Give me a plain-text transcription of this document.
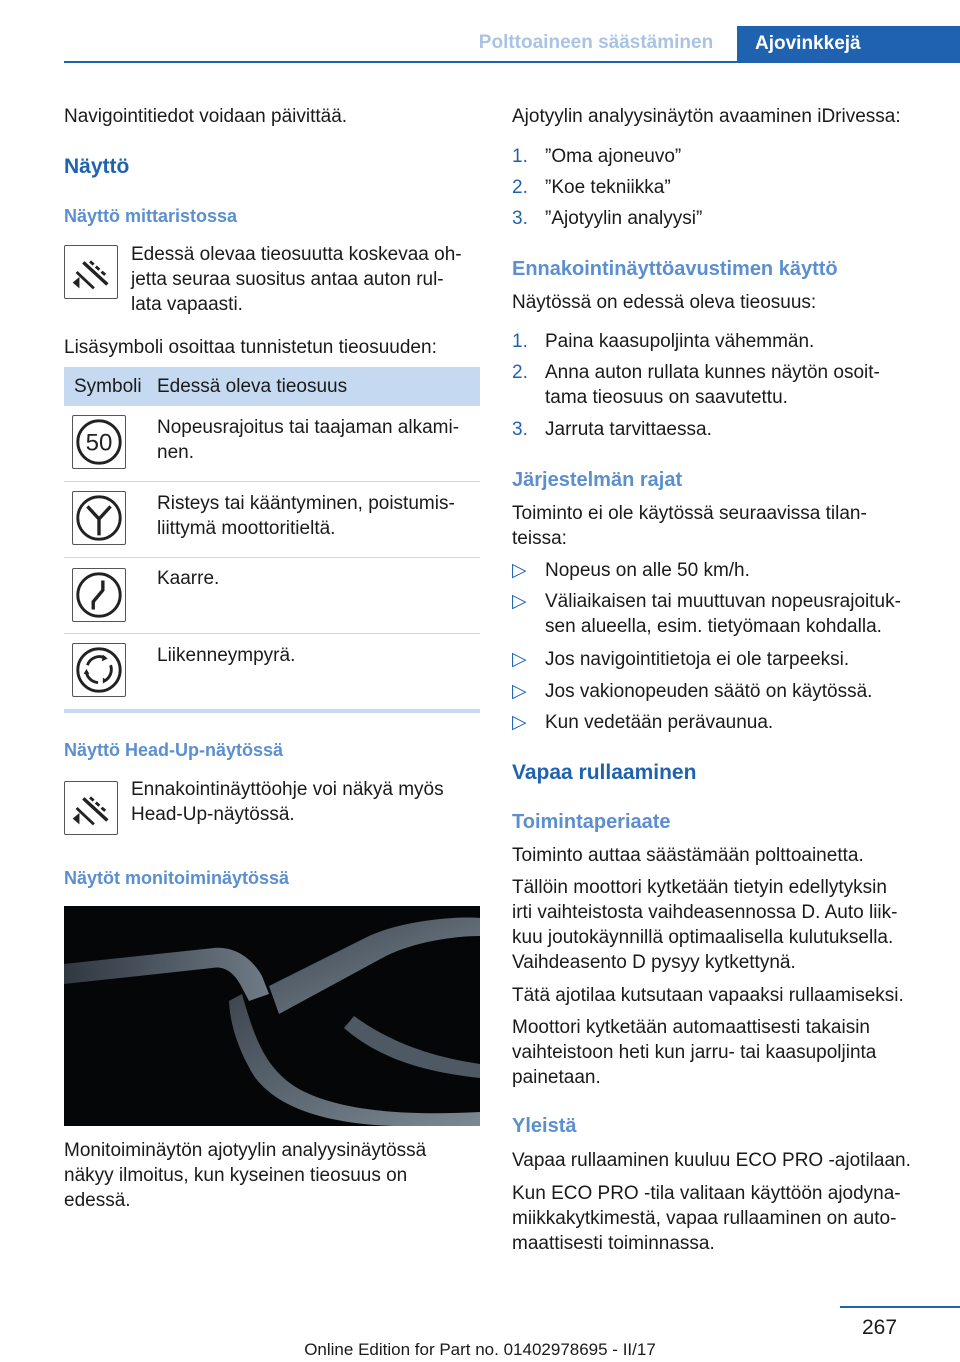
Polttoaineen säästäminen	Ajovinkkejä
Navigointitiedot voidaan päivittää.
Näyttö
Näyttö mittaristossa
Edessä olevaa tieosuutta koskevaa oh-
jetta seuraa suositus antaa auton rul-
lata vapaasti.
Lisäsymboli osoittaa tunnistetun tieosuuden:
Symboli Edessä oleva tieosuus
50
Nopeusrajoitus tai taajaman alkami-
nen.
Risteys tai kääntyminen, poistumis-
liittymä moottoritieltä.
Kaarre.
Liikenneympyrä.
Näyttö Head-Up-näytössä
Ennakointinäyttöohje voi näkyä myös
Head-Up-näytössä.
Näytöt monitoiminäytössä
Monitoiminäytön ajotyylin analyysinäytössä
näkyy ilmoitus, kun kyseinen tieosuus on
edessä.
Ajotyylin analyysinäytön avaaminen iDrivessa:
1. ”Oma ajoneuvo”
2. ”Koe tekniikka”
3. ”Ajotyylin analyysi”
Ennakointinäyttöavustimen käyttö
Näytössä on edessä oleva tieosuus:
1. Paina kaasupoljinta vähemmän.
2. Anna auton rullata kunnes näytön osoit-
tama tieosuus on saavutettu.
3. Jarruta tarvittaessa.
Järjestelmän rajat
Toiminto ei ole käytössä seuraavissa tilan-
teissa:
▷ Nopeus on alle 50 km/h.
▷ Väliaikaisen tai muuttuvan nopeusrajoituk-
sen alueella, esim. tietyömaan kohdalla.
▷ Jos navigointitietoja ei ole tarpeeksi.
▷ Jos vakionopeuden säätö on käytössä.
▷ Kun vedetään perävaunua.
Vapaa rullaaminen
Toimintaperiaate
Toiminto auttaa säästämään polttoainetta.
Tällöin moottori kytketään tietyin edellytyksin
irti vaihteistosta vaihdeasennossa D. Auto liik-
kuu joutokäynnillä optimaalisella kulutuksella.
Vaihdeasento D pysyy kytkettynä.
Tätä ajotilaa kutsutaan vapaaksi rullaamiseksi.
Moottori kytketään automaattisesti takaisin
vaihteistoon heti kun jarru- tai kaasupoljinta
painetaan.
Yleistä
Vapaa rullaaminen kuuluu ECO PRO -ajotilaan.
Kun ECO PRO -tila valitaan käyttöön ajodyna-
miikkakytkimestä, vapaa rullaaminen on auto-
maattisesti toiminnassa.
267
Online Edition for Part no. 01402978695 - II/17
